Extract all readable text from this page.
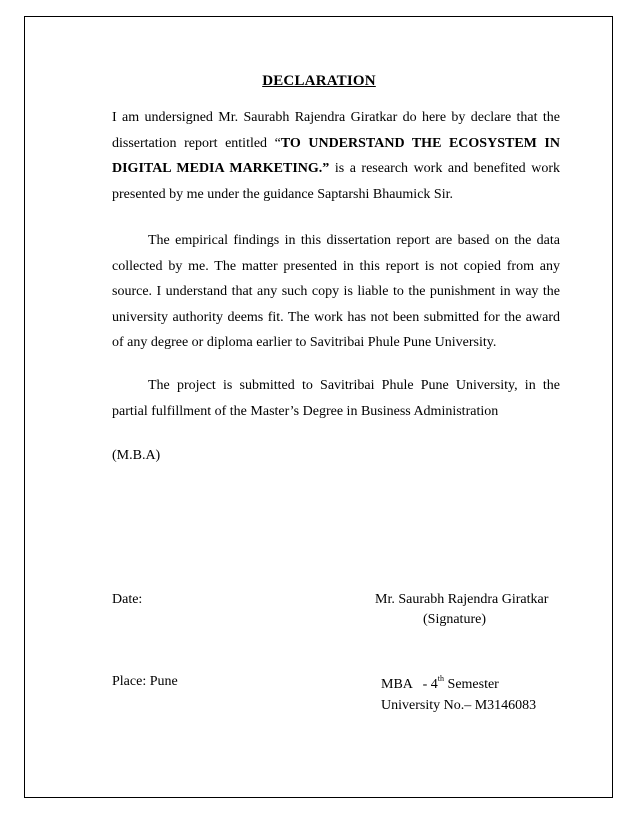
DECLARATION

I am undersigned Mr. Saurabh Rajendra Giratkar do here by declare that the dissertation report entitled “TO UNDERSTAND THE ECOSYSTEM IN DIGITAL MEDIA MARKETING.” is a research work and benefited work presented by me under the guidance Saptarshi Bhaumick Sir.

The empirical findings in this dissertation report are based on the data collected by me. The matter presented in this report is not copied from any source. I understand that any such copy is liable to the punishment in way the university authority deems fit. The work has not been submitted for the award of any degree or diploma earlier to Savitribai Phule Pune University.

The project is submitted to Savitribai Phule Pune University, in the partial fulfillment of the Master’s Degree in Business Administration

(M.B.A)
Date:	Mr. Saurabh Rajendra Giratkar
(Signature)
Place: Pune	MBA   - 4th Semester
University No.– M3146083
